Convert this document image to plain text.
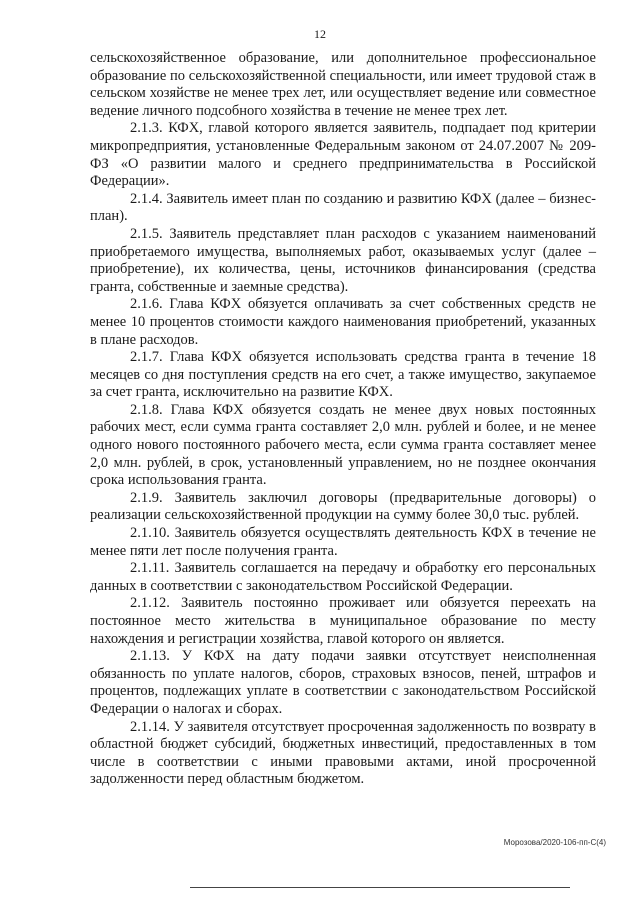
12

сельскохозяйственное образование, или дополнительное профессиональное образование по сельскохозяйственной специальности, или имеет трудовой стаж в сельском хозяйстве не менее трех лет, или осуществляет ведение или совместное ведение личного подсобного хозяйства в течение не менее трех лет.

2.1.3. КФХ, главой которого является заявитель, подпадает под критерии микропредприятия, установленные Федеральным законом от 24.07.2007 № 209-ФЗ «О развитии малого и среднего предпринимательства в Российской Федерации».

2.1.4. Заявитель имеет план по созданию и развитию КФХ (далее – бизнес-план).

2.1.5. Заявитель представляет план расходов с указанием наименований приобретаемого имущества, выполняемых работ, оказываемых услуг (далее – приобретение), их количества, цены, источников финансирования (средства гранта, собственные и заемные средства).

2.1.6. Глава КФХ обязуется оплачивать за счет собственных средств не менее 10 процентов стоимости каждого наименования приобретений, указанных в плане расходов.

2.1.7. Глава КФХ обязуется использовать средства гранта в течение 18 месяцев со дня поступления средств на его счет, а также имущество, закупаемое за счет гранта, исключительно на развитие КФХ.

2.1.8. Глава КФХ обязуется создать не менее двух новых постоянных рабочих мест, если сумма гранта составляет 2,0 млн. рублей и более, и не менее одного нового постоянного рабочего места, если сумма гранта составляет менее 2,0 млн. рублей, в срок, установленный управлением, но не позднее окончания срока использования гранта.

2.1.9. Заявитель заключил договоры (предварительные договоры) о реализации сельскохозяйственной продукции на сумму более 30,0 тыс. рублей.

2.1.10. Заявитель обязуется осуществлять деятельность КФХ в течение не менее пяти лет после получения гранта.

2.1.11. Заявитель соглашается на передачу и обработку его персональных данных в соответствии с законодательством Российской Федерации.

2.1.12. Заявитель постоянно проживает или обязуется переехать на постоянное место жительства в муниципальное образование по месту нахождения и регистрации хозяйства, главой которого он является.

2.1.13. У КФХ на дату подачи заявки отсутствует неисполненная обязанность по уплате налогов, сборов, страховых взносов, пеней, штрафов и процентов, подлежащих уплате в соответствии с законодательством Российской Федерации о налогах и сборах.

2.1.14. У заявителя отсутствует просроченная задолженность по возврату в областной бюджет субсидий, бюджетных инвестиций, предоставленных в том числе в соответствии с иными правовыми актами, иной просроченной задолженности перед областным бюджетом.

Морозова/2020-106-пп-С(4)
